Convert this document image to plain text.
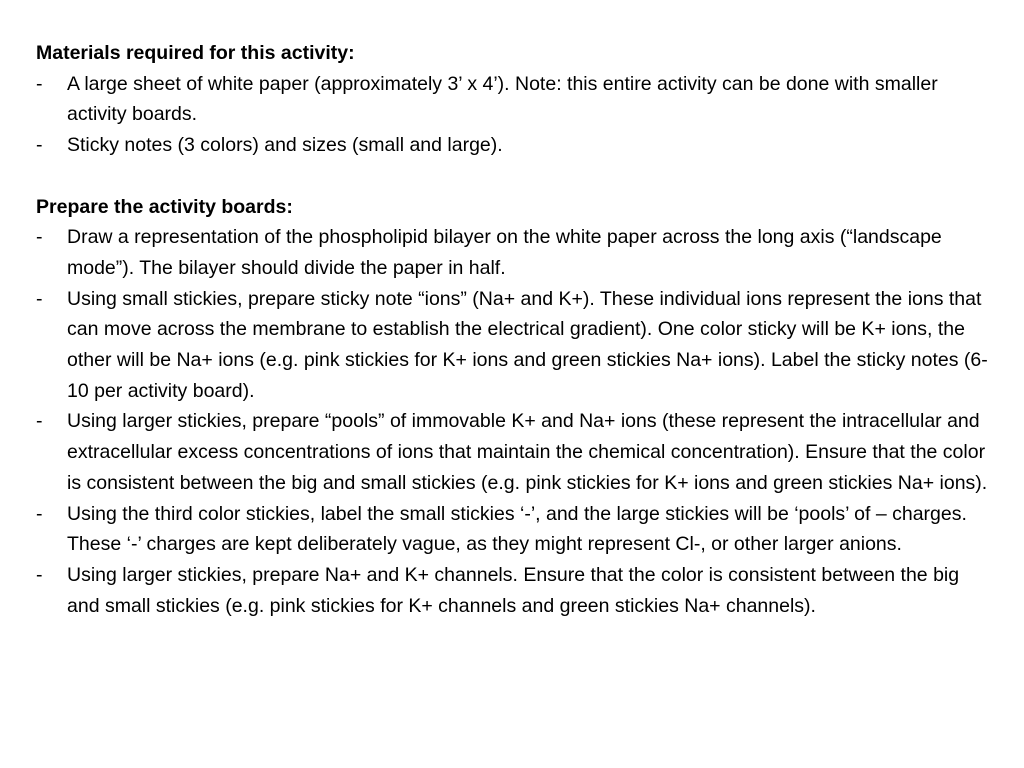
Materials required for this activity:

- A large sheet of white paper (approximately 3’ x 4’). Note: this entire activity can be done with smaller activity boards.
- Sticky notes (3 colors) and sizes (small and large).

Prepare the activity boards:

- Draw a representation of the phospholipid bilayer on the white paper across the long axis (“landscape mode”). The bilayer should divide the paper in half.
- Using small stickies, prepare sticky note “ions” (Na+ and K+). These individual ions represent the ions that can move across the membrane to establish the electrical gradient). One color sticky will be K+ ions, the other will be Na+ ions (e.g. pink stickies for K+ ions and green stickies Na+ ions). Label the sticky notes (6-10 per activity board).
- Using larger stickies, prepare “pools” of immovable K+ and Na+ ions (these represent the intracellular and extracellular excess concentrations of ions that maintain the chemical concentration). Ensure that the color is consistent between the big and small stickies (e.g. pink stickies for K+ ions and green stickies Na+ ions).
- Using the third color stickies, label the small stickies ‘-’, and the large stickies will be ‘pools’ of – charges. These ‘-’ charges are kept deliberately vague, as they might represent Cl-, or other larger anions.
- Using larger stickies, prepare Na+ and K+ channels. Ensure that the color is consistent between the big and small stickies (e.g. pink stickies for K+ channels and green stickies Na+ channels).
